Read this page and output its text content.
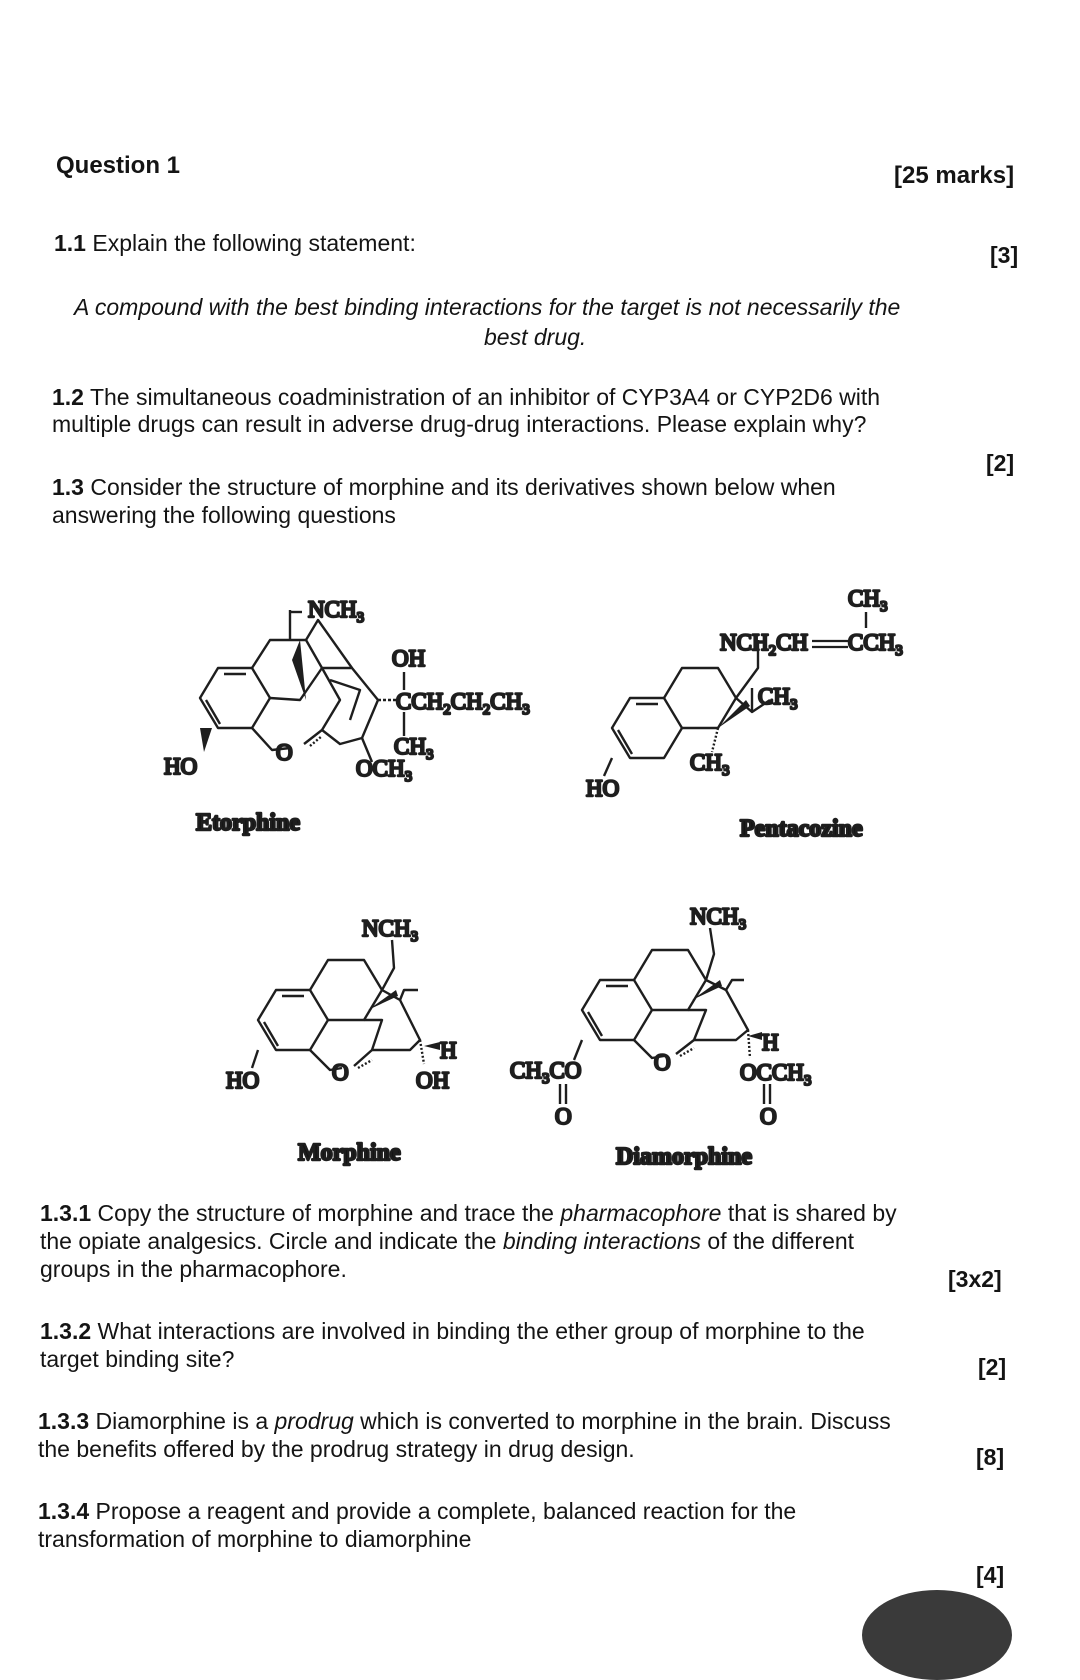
Question 1	[25 marks]
1.1 Explain the following statement:	[3]
A compound with the best binding interactions for the target is not necessarily the
best drug.
1.2 The simultaneous coadministration of an inhibitor of CYP3A4 or CYP2D6 with
multiple drugs can result in adverse drug-drug interactions. Please explain why?
[2]
1.3 Consider the structure of morphine and its derivatives shown below when
answering the following questions
$NCH_3$
OH
$CCH_2CH_2CH_3$
$CH_3$
$OCH_3$
HO
O
$CH_3$
$NCH_2CH$ $CCH_3$
$CH_3$
$CH_3$
HO
$NCH_3$
H
OH
HO	O
$NCH_3$
H
$OCCH_3$
O
$CH_3CO$
O
O
Etorphine	Pentacozine
Morphine	Diamorphine
1.3.1 Copy the structure of morphine and trace the pharmacophore that is shared by
the opiate analgesics. Circle and indicate the binding interactions of the different
groups in the pharmacophore.	[3x2]
1.3.2 What interactions are involved in binding the ether group of morphine to the
target binding site?	[2]
1.3.3 Diamorphine is a prodrug which is converted to morphine in the brain. Discuss
the benefits offered by the prodrug strategy in drug design.	[8]
1.3.4 Propose a reagent and provide a complete, balanced reaction for the
transformation of morphine to diamorphine
[4]
